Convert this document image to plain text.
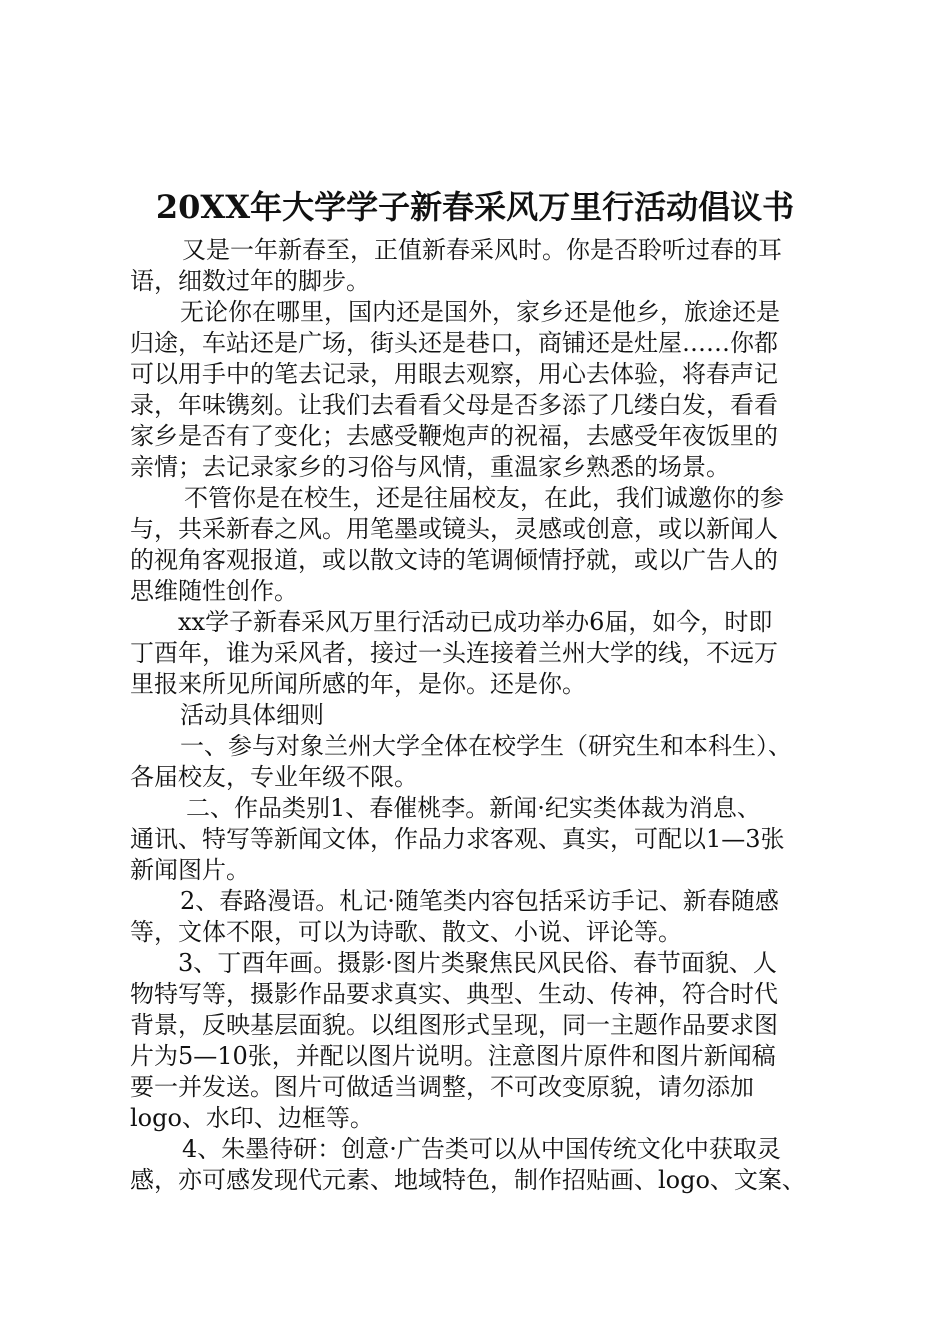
20XX年大学学子新春采风万里行活动倡议书
又是一年新春至，正值新春采风时。你是否聆听过春的耳
语，细数过年的脚步。
无论你在哪里，国内还是国外，家乡还是他乡，旅途还是
归途，车站还是广场，街头还是巷口，商铺还是灶屋……你都
可以用手中的笔去记录，用眼去观察，用心去体验，将春声记
录，年味镌刻。让我们去看看父母是否多添了几缕白发，看看
家乡是否有了变化；去感受鞭炮声的祝福，去感受年夜饭里的
亲情；去记录家乡的习俗与风情，重温家乡熟悉的场景。
不管你是在校生，还是往届校友，在此，我们诚邀你的参
与，共采新春之风。用笔墨或镜头，灵感或创意，或以新闻人
的视角客观报道，或以散文诗的笔调倾情抒就，或以广告人的
思维随性创作。
xx学子新春采风万里行活动已成功举办6届，如今，时即
丁酉年，谁为采风者，接过一头连接着兰州大学的线，不远万
里报来所见所闻所感的年，是你。还是你。
活动具体细则
一、参与对象兰州大学全体在校学生（研究生和本科生）、
各届校友，专业年级不限。
二、作品类别1、春催桃李。新闻·纪实类体裁为消息、
通讯、特写等新闻文体，作品力求客观、真实，可配以1—3张
新闻图片。
2、春路漫语。札记·随笔类内容包括采访手记、新春随感
等，文体不限，可以为诗歌、散文、小说、评论等。
3、丁酉年画。摄影·图片类聚焦民风民俗、春节面貌、人
物特写等，摄影作品要求真实、典型、生动、传神，符合时代
背景，反映基层面貌。以组图形式呈现，同一主题作品要求图
片为5—10张，并配以图片说明。注意图片原件和图片新闻稿
要一并发送。图片可做适当调整，不可改变原貌，请勿添加
logo、水印、边框等。
4、朱墨待研：创意·广告类可以从中国传统文化中获取灵
感，亦可感发现代元素、地域特色，制作招贴画、logo、文案、
